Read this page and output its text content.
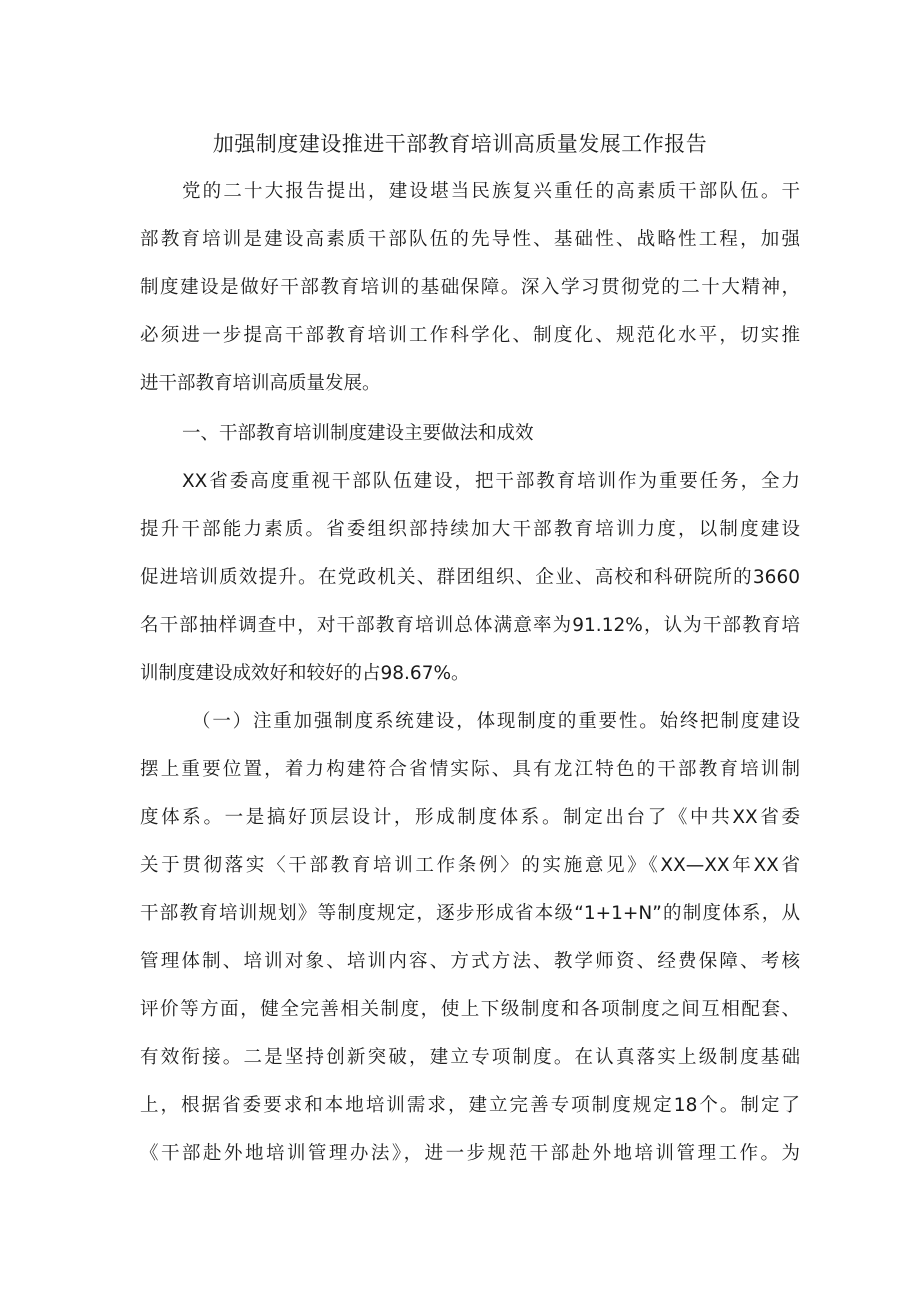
加强制度建设推进干部教育培训高质量发展工作报告

党的二十大报告提出，建设堪当民族复兴重任的高素质干部队伍。干

部教育培训是建设高素质干部队伍的先导性、基础性、战略性工程，加强

制度建设是做好干部教育培训的基础保障。深入学习贯彻党的二十大精神，

必须进一步提高干部教育培训工作科学化、制度化、规范化水平，切实推

进干部教育培训高质量发展。

一、干部教育培训制度建设主要做法和成效

XX省委高度重视干部队伍建设，把干部教育培训作为重要任务，全力

提升干部能力素质。省委组织部持续加大干部教育培训力度，以制度建设

促进培训质效提升。在党政机关、群团组织、企业、高校和科研院所的3660

名干部抽样调查中，对干部教育培训总体满意率为91.12%，认为干部教育培

训制度建设成效好和较好的占98.67%。

（一）注重加强制度系统建设，体现制度的重要性。始终把制度建设

摆上重要位置，着力构建符合省情实际、具有龙江特色的干部教育培训制

度体系。一是搞好顶层设计，形成制度体系。制定出台了《中共XX省委

关于贯彻落实〈干部教育培训工作条例〉的实施意见》《XX—XX年XX省

干部教育培训规划》等制度规定，逐步形成省本级“1+1+N”的制度体系，从

管理体制、培训对象、培训内容、方式方法、教学师资、经费保障、考核

评价等方面，健全完善相关制度，使上下级制度和各项制度之间互相配套、

有效衔接。二是坚持创新突破，建立专项制度。在认真落实上级制度基础

上，根据省委要求和本地培训需求，建立完善专项制度规定18个。制定了

《干部赴外地培训管理办法》，进一步规范干部赴外地培训管理工作。为
